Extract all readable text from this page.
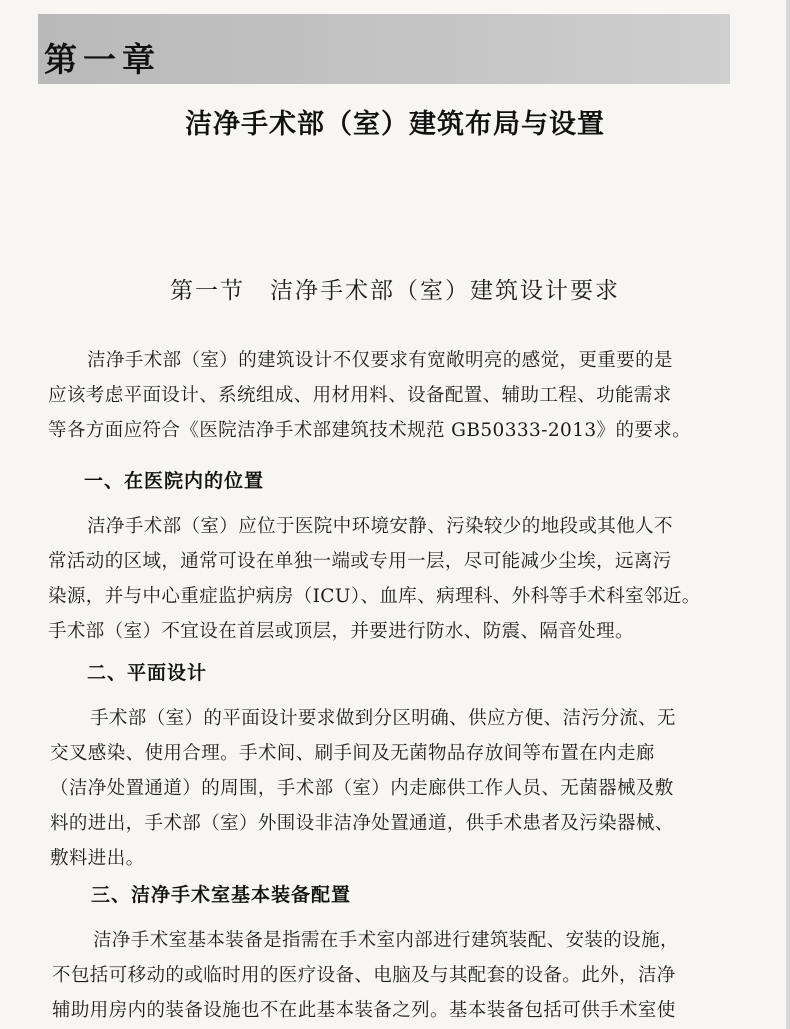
第一章
洁净手术部（室）建筑布局与设置
第一节　洁净手术部（室）建筑设计要求
洁净手术部（室）的建筑设计不仅要求有宽敞明亮的感觉，更重要的是
应该考虑平面设计、系统组成、用材用料、设备配置、辅助工程、功能需求
等各方面应符合《医院洁净手术部建筑技术规范 GB50333-2013》的要求。
一、在医院内的位置
洁净手术部（室）应位于医院中环境安静、污染较少的地段或其他人不
常活动的区域，通常可设在单独一端或专用一层，尽可能减少尘埃，远离污
染源，并与中心重症监护病房（ICU）、血库、病理科、外科等手术科室邻近。
手术部（室）不宜设在首层或顶层，并要进行防水、防震、隔音处理。
二、平面设计
手术部（室）的平面设计要求做到分区明确、供应方便、洁污分流、无
交叉感染、使用合理。手术间、刷手间及无菌物品存放间等布置在内走廊
（洁净处置通道）的周围，手术部（室）内走廊供工作人员、无菌器械及敷
料的进出，手术部（室）外围设非洁净处置通道，供手术患者及污染器械、
敷料进出。
三、洁净手术室基本装备配置
洁净手术室基本装备是指需在手术室内部进行建筑装配、安装的设施，
不包括可移动的或临时用的医疗设备、电脑及与其配套的设备。此外，洁净
辅助用房内的装备设施也不在此基本装备之列。基本装备包括可供手术室使
